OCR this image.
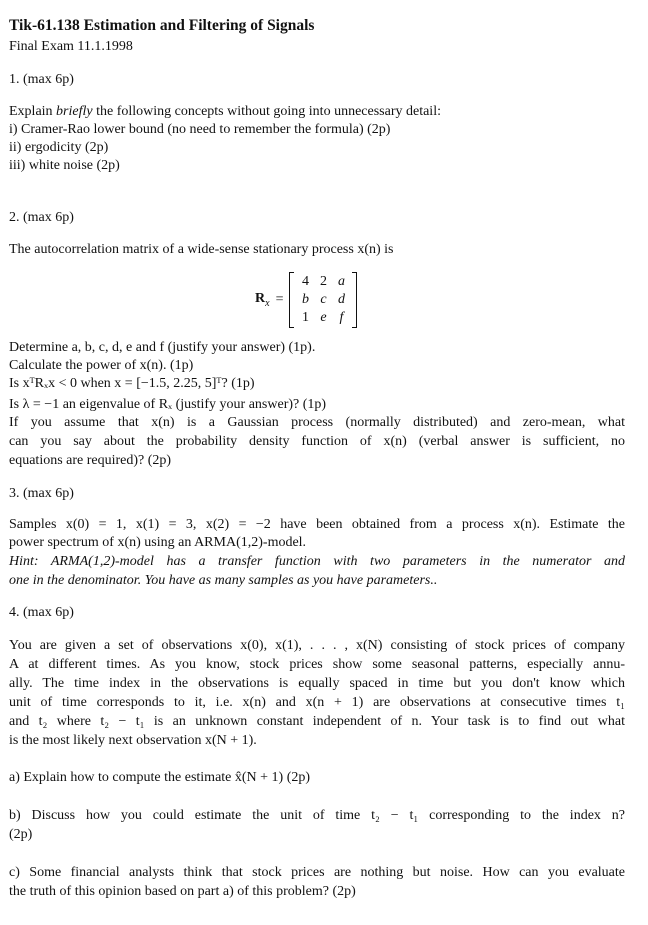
Tik-61.138 Estimation and Filtering of Signals
Final Exam 11.1.1998
1. (max 6p)
Explain briefly the following concepts without going into unnecessary detail:
i) Cramer-Rao lower bound (no need to remember the formula) (2p)
ii) ergodicity (2p)
iii) white noise (2p)
2. (max 6p)
The autocorrelation matrix of a wide-sense stationary process x(n) is
$R_x$ =
4 2 a
b c d
1 e f
Determine a, b, c, d, e and f (justify your answer) (1p).
Calculate the power of x(n). (1p)
Is xᵀRₓx < 0 when x = [−1.5, 2.25, 5]ᵀ? (1p)
Is λ = −1 an eigenvalue of Rₓ (justify your answer)? (1p)
If you assume that x(n) is a Gaussian process (normally distributed) and zero-mean, what
can you say about the probability density function of x(n) (verbal answer is sufficient, no
equations are required)? (2p)
3. (max 6p)
Samples x(0) = 1, x(1) = 3, x(2) = −2 have been obtained from a process x(n). Estimate the
power spectrum of x(n) using an ARMA(1,2)-model.
Hint: ARMA(1,2)-model has a transfer function with two parameters in the numerator and
one in the denominator. You have as many samples as you have parameters..
4. (max 6p)
You are given a set of observations x(0), x(1), . . . , x(N) consisting of stock prices of company
A at different times. As you know, stock prices show some seasonal patterns, especially annu-
ally. The time index in the observations is equally spaced in time but you don't know which
unit of time corresponds to it, i.e. x(n) and x(n + 1) are observations at consecutive times t₁
and t₂ where t₂ − t₁ is an unknown constant independent of n. Your task is to find out what
is the most likely next observation x(N + 1).
a) Explain how to compute the estimate x̂(N + 1) (2p)
b) Discuss how you could estimate the unit of time t₂ − t₁ corresponding to the index n?
(2p)
c) Some financial analysts think that stock prices are nothing but noise. How can you evaluate
the truth of this opinion based on part a) of this problem? (2p)
